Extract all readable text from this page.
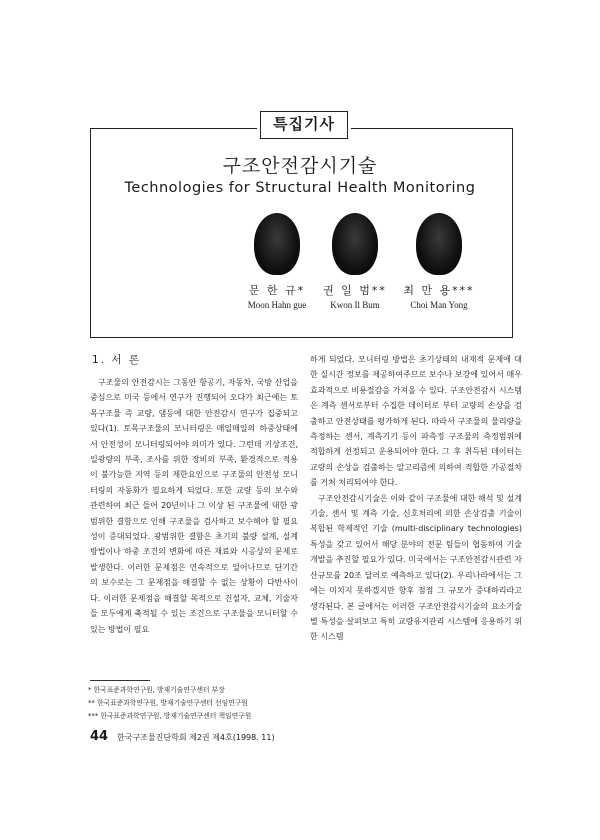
특집기사
구조안전감시기술
Technologies for Structural Health Monitoring
문 한 규*
Moon Hahn gue
권 일 범**
Kwon Il Bum
최 만 용***
Choi Man Yong
1. 서 론

구조물의 안전감시는 그동안 항공기, 자동차, 국방 산업을 중심으로 미국 등에서 연구가 진행되어 오다가 최근에는 토목구조물 즉 교량, 댐등에 대한 안전감시 연구가 집중되고 있다(1). 토목구조물의 모니터링은 매일매일의 하중상태에서 안전성이 모니터링되어야 의미가 있다. 그런데 기상조건, 일광량의 부족, 조사를 위한 장비의 부족, 환경적으로 적용이 불가능한 지역 등의 제한요인으로 구조물의 안전성 모니터링의 자동화가 필요하게 되었다. 또한 교량 등의 보수와 관련하여 최근 들어 20년이나 그 이상 된 구조물에 대한 광범위한 결함으로 인해 구조물을 검사하고 보수해야 할 필요성이 증대되었다. 광범위한 결함은 초기의 불량 설계, 설계 방법이나 하중 조건의 변화에 따른 재료와 시공상의 문제로 발생한다. 이러한 문제점은 연속적으로 일어나므로 단기간의 보수로는 그 문제점을 해결할 수 없는 상황이 다반사이다. 이러한 문제점을 해결할 목적으로 건설자, 교체, 기술자들 모두에게 축적될 수 있는 조건으로 구조물을 모니터할 수 있는 방법이 필요

하게 되었다. 모니터링 방법은 초기상태의 내재적 문제에 대한 실시간 정보를 제공하여주므로 보수나 보강에 있어서 매우 효과적으로 비용절감을 가져올 수 있다. 구조안전감시 시스템은 계측 센서로부터 수집한 데이터로 부터 교량의 손상을 검출하고 안전상태를 평가하게 된다. 따라서 구조물의 물리량을 측정하는 센서, 계측기기 등이 파측정 구조물의 측정범위에 적합하게 선정되고 운용되어야 한다. 그 후 취득된 데이터는 교량의 손상을 검출하는 알고리즘에 의하여 적합한 가공절차를 거쳐 처리되어야 한다.

구조안전감시기술은 이와 같이 구조물에 대한 해석 및 설계 기술, 센서 및 계측 기술, 신호처리에 의한 손상검출 기술이 복합된 학제적인 기술 (multi-disciplinary technologies) 특성을 갖고 있어서 해당 분야의 전문 팀들이 협동하여 기술개발을 추진할 필요가 있다. 미국에서는 구조안전감시관련 자산규모를 20조 달러로 예측하고 있다(2). 우리나라에서는 그에는 미치지 못하겠지만 향후 점점 그 규모가 증대하리라고 생각된다. 본 글에서는 이러한 구조안전감시기술의 요소기술별 특성을 살펴보고 특히 교량유지관리 시스템에 응용하기 위한 시스템

* 한국표준과학연구원, 방재기술연구센터 부장
** 한국표준과학연구원, 방재기술연구센터 선임연구원
*** 한국표준과학연구원, 방재기술연구센터 책임연구원
44 한국구조물진단학회 제2권 제4호(1998. 11)
